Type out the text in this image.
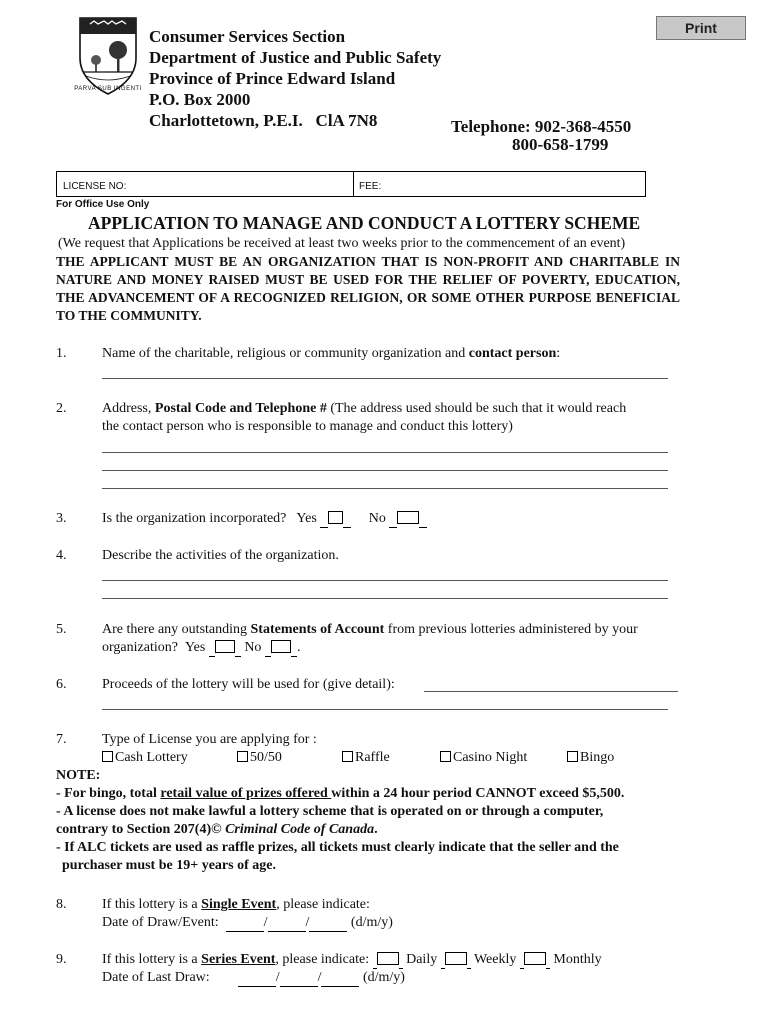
PARVA SUB INGENTI
Consumer Services Section
Department of Justice and Public Safety
Province of Prince Edward Island
P.O. Box 2000
Charlottetown, P.E.I.   ClA 7N8	Telephone: 902-368-4550
800-658-1799
Print
LICENSE NO:	FEE:
For Office Use Only
APPLICATION TO MANAGE AND CONDUCT A LOTTERY SCHEME
(We request that Applications be received at least two weeks prior to the commencement of an event)
THE APPLICANT MUST BE AN ORGANIZATION THAT IS NON-PROFIT AND CHARITABLE IN NATURE AND MONEY RAISED MUST BE USED FOR THE RELIEF OF POVERTY, EDUCATION, THE ADVANCEMENT OF A RECOGNIZED RELIGION, OR SOME OTHER PURPOSE BENEFICIAL TO THE COMMUNITY.
1.	Name of the charitable, religious or community organization and contact person:
2.	Address, Postal Code and Telephone # (The address used should be such that it would reach
the contact person who is responsible to manage and conduct this lottery)
3.	Is the organization incorporated? Yes	No
4.	Describe the activities of the organization.
5.	Are there any outstanding Statements of Account from previous lotteries administered by your
organization? Yes	No	.
6.	Proceeds of the lottery will be used for (give detail):
7.	Type of License you are applying for :
Cash Lottery	50/50	Raffle	Casino Night	Bingo
NOTE:
- For bingo, total retail value of prizes offered within a 24 hour period CANNOT exceed $5,500.
- A license does not make lawful a lottery scheme that is operated on or through a computer,
contrary to Section 207(4)© Criminal Code of Canada.
- If ALC tickets are used as raffle prizes, all tickets must clearly indicate that the seller and the
purchaser must be 19+ years of age.
8.	If this lottery is a Single Event, please indicate:
Date of Draw/Event:	/	/	(d/m/y)
9.	If this lottery is a Series Event, please indicate:	Daily	Weekly	Monthly
Date of Last Draw:	/	/	(d/m/y)
